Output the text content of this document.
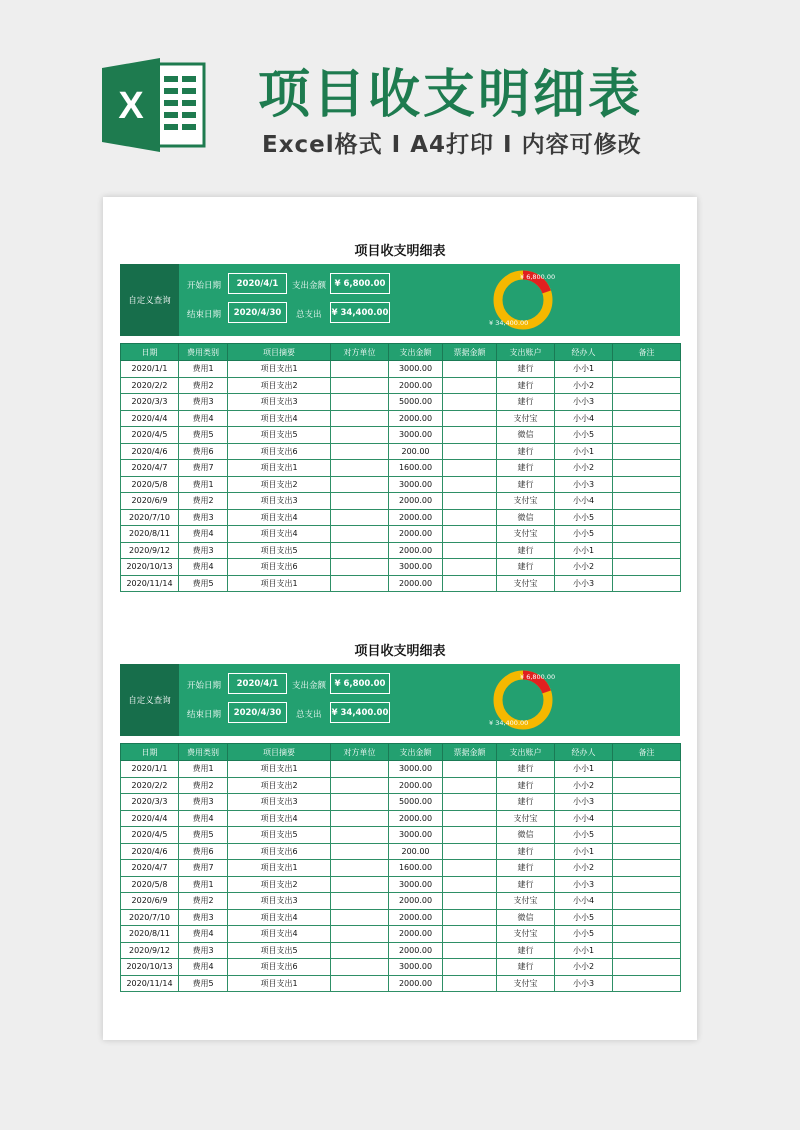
X 项目收支明细表
Excel格式 I A4打印 I 内容可修改
项目收支明细表
自定义查询
开始日期	2020/4/1	支出金额	¥ 6,800.00
结束日期	2020/4/30	总支出 ¥ 34,400.00
¥ 6,800.00
¥ 34,400.00
日期	费用类别	项目摘要	对方单位	支出金额	票据金额	支出账户	经办人	备注
2020/1/1	费用1	项目支出1		3000.00		建行	小小1	
2020/2/2	费用2	项目支出2		2000.00		建行	小小2	
2020/3/3	费用3	项目支出3		5000.00		建行	小小3	
2020/4/4	费用4	项目支出4		2000.00		支付宝	小小4	
2020/4/5	费用5	项目支出5		3000.00		微信	小小5	
2020/4/6	费用6	项目支出6		200.00		建行	小小1	
2020/4/7	费用7	项目支出1		1600.00		建行	小小2	
2020/5/8	费用1	项目支出2		3000.00		建行	小小3	
2020/6/9	费用2	项目支出3		2000.00		支付宝	小小4	
2020/7/10	费用3	项目支出4		2000.00		微信	小小5	
2020/8/11	费用4	项目支出4		2000.00		支付宝	小小5	
2020/9/12	费用3	项目支出5		2000.00		建行	小小1	
2020/10/13	费用4	项目支出6		3000.00		建行	小小2	
2020/11/14	费用5	项目支出1		2000.00		支付宝	小小3	
项目收支明细表
自定义查询
开始日期	2020/4/1	支出金额	¥ 6,800.00
结束日期	2020/4/30	总支出 ¥ 34,400.00
¥ 6,800.00
¥ 34,400.00
日期	费用类别	项目摘要	对方单位	支出金额	票据金额	支出账户	经办人	备注
2020/1/1	费用1	项目支出1		3000.00		建行	小小1	
2020/2/2	费用2	项目支出2		2000.00		建行	小小2	
2020/3/3	费用3	项目支出3		5000.00		建行	小小3	
2020/4/4	费用4	项目支出4		2000.00		支付宝	小小4	
2020/4/5	费用5	项目支出5		3000.00		微信	小小5	
2020/4/6	费用6	项目支出6		200.00		建行	小小1	
2020/4/7	费用7	项目支出1		1600.00		建行	小小2	
2020/5/8	费用1	项目支出2		3000.00		建行	小小3	
2020/6/9	费用2	项目支出3		2000.00		支付宝	小小4	
2020/7/10	费用3	项目支出4		2000.00		微信	小小5	
2020/8/11	费用4	项目支出4		2000.00		支付宝	小小5	
2020/9/12	费用3	项目支出5		2000.00		建行	小小1	
2020/10/13	费用4	项目支出6		3000.00		建行	小小2	
2020/11/14	费用5	项目支出1		2000.00		支付宝	小小3	
